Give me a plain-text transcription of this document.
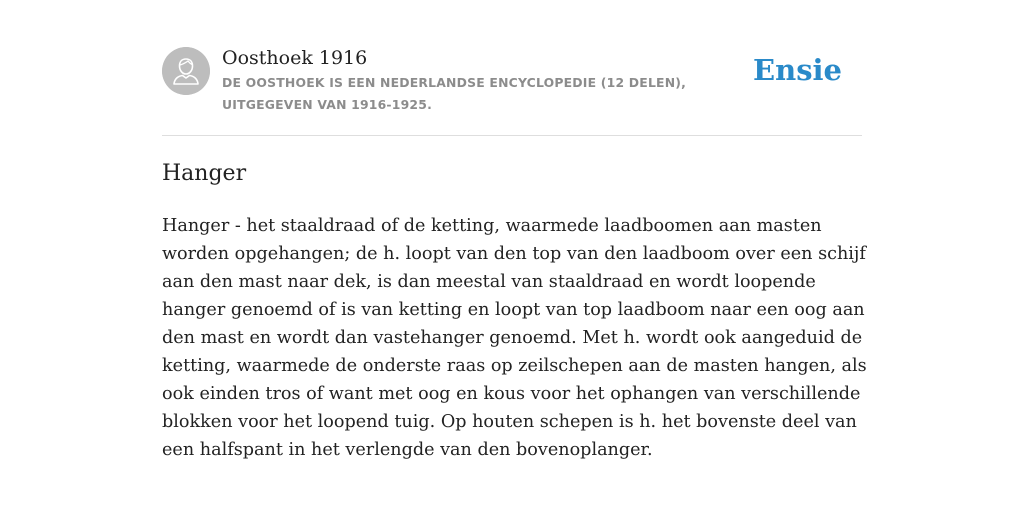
Oosthoek 1916
DE OOSTHOEK IS EEN NEDERLANDSE ENCYCLOPEDIE (12 DELEN), UITGEGEVEN VAN 1916-1925.
Ensie
Hanger

Hanger - het staaldraad of de ketting, waarmede laadboomen aan masten worden opgehangen; de h. loopt van den top van den laadboom over een schijf aan den mast naar dek, is dan meestal van staaldraad en wordt loopende hanger genoemd of is van ketting en loopt van top laadboom naar een oog aan den mast en wordt dan vastehanger genoemd. Met h. wordt ook aangeduid de ketting, waarmede de onderste raas op zeilschepen aan de masten hangen, als ook einden tros of want met oog en kous voor het ophangen van verschillende blokken voor het loopend tuig. Op houten schepen is h. het bovenste deel van een halfspant in het verlengde van den bovenoplanger.
